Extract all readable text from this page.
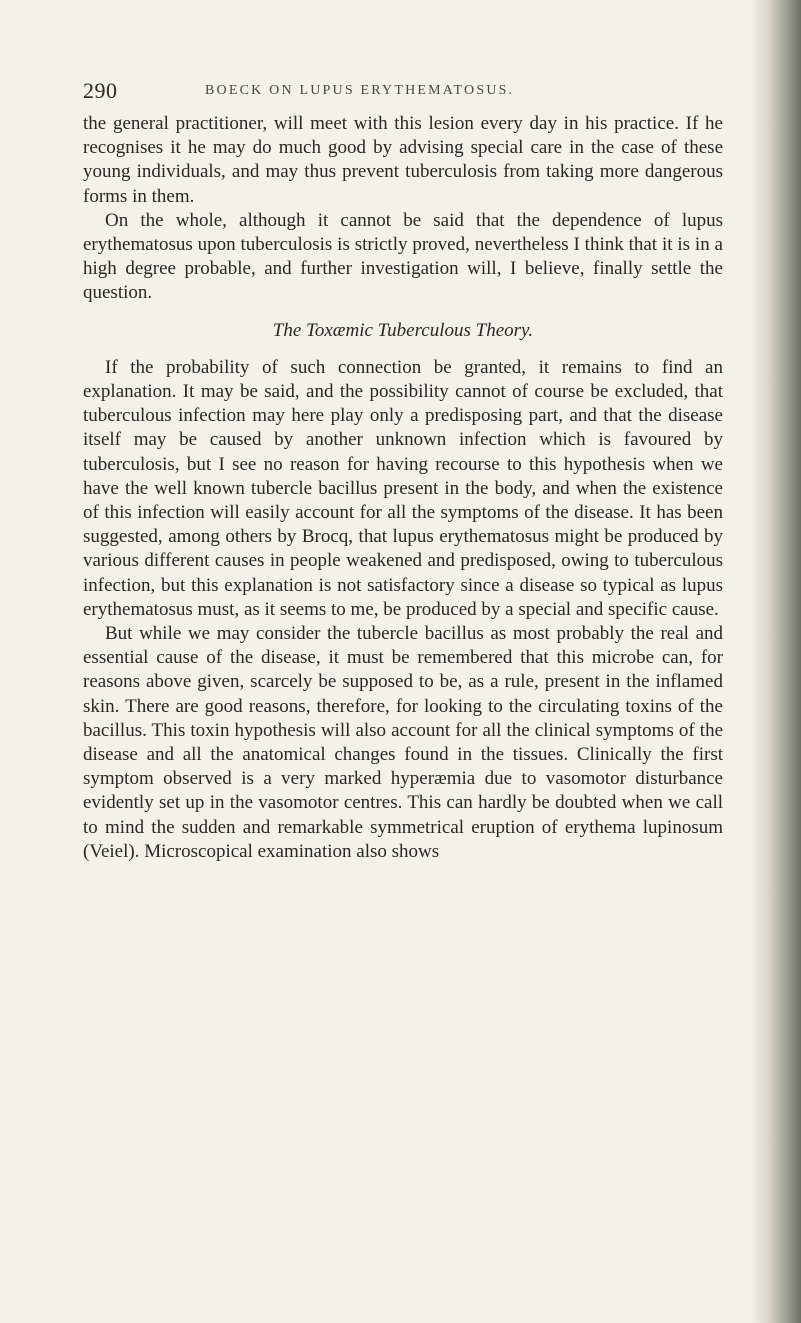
290	BOECK ON LUPUS ERYTHEMATOSUS.

the general practitioner, will meet with this lesion every day in his practice. If he recognises it he may do much good by advising special care in the case of these young individuals, and may thus prevent tuberculosis from taking more dangerous forms in them.

On the whole, although it cannot be said that the dependence of lupus erythematosus upon tuberculosis is strictly proved, nevertheless I think that it is in a high degree probable, and further investigation will, I believe, finally settle the question.

The Toxæmic Tuberculous Theory.

If the probability of such connection be granted, it remains to find an explanation. It may be said, and the possibility cannot of course be excluded, that tuberculous infection may here play only a predisposing part, and that the disease itself may be caused by another unknown infection which is favoured by tuberculosis, but I see no reason for having recourse to this hypothesis when we have the well known tubercle bacillus present in the body, and when the existence of this infection will easily account for all the symptoms of the disease. It has been suggested, among others by Brocq, that lupus erythematosus might be produced by various different causes in people weakened and predisposed, owing to tuberculous infection, but this explanation is not satisfactory since a disease so typical as lupus erythematosus must, as it seems to me, be produced by a special and specific cause.

But while we may consider the tubercle bacillus as most probably the real and essential cause of the disease, it must be remembered that this microbe can, for reasons above given, scarcely be supposed to be, as a rule, present in the inflamed skin. There are good reasons, therefore, for looking to the circulating toxins of the bacillus. This toxin hypothesis will also account for all the clinical symptoms of the disease and all the anatomical changes found in the tissues. Clinically the first symptom observed is a very marked hyperæmia due to vasomotor disturbance evidently set up in the vasomotor centres. This can hardly be doubted when we call to mind the sudden and remarkable symmetrical eruption of erythema lupinosum (Veiel). Microscopical examination also shows
